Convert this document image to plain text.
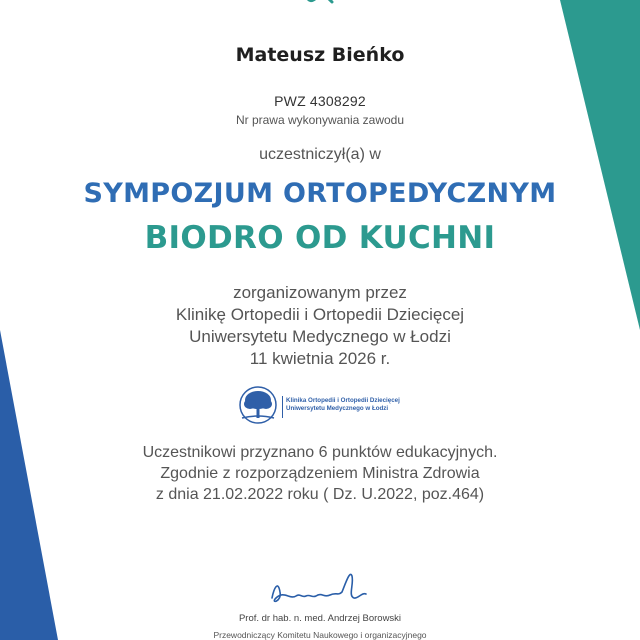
Mateusz Bieńko
PWZ 4308292
Nr prawa wykonywania zawodu
uczestniczył(a) w
SYMPOZJUM ORTOPEDYCZNYM
BIODRO OD KUCHNI
zorganizowanym przez
Klinikę Ortopedii i Ortopedii Dziecięcej
Uniwersytetu Medycznego w Łodzi
11 kwietnia 2026 r.
Klinika Ortopedii i Ortopedii Dziecięcej
Uniwersytetu Medycznego w Łodzi
Uczestnikowi przyznano 6 punktów edukacyjnych.
Zgodnie z rozporządzeniem Ministra Zdrowia
z dnia 21.02.2022 roku ( Dz. U.2022, poz.464)
Prof. dr hab. n. med. Andrzej Borowski
Przewodniczący Komitetu Naukowego i organizacyjnego
